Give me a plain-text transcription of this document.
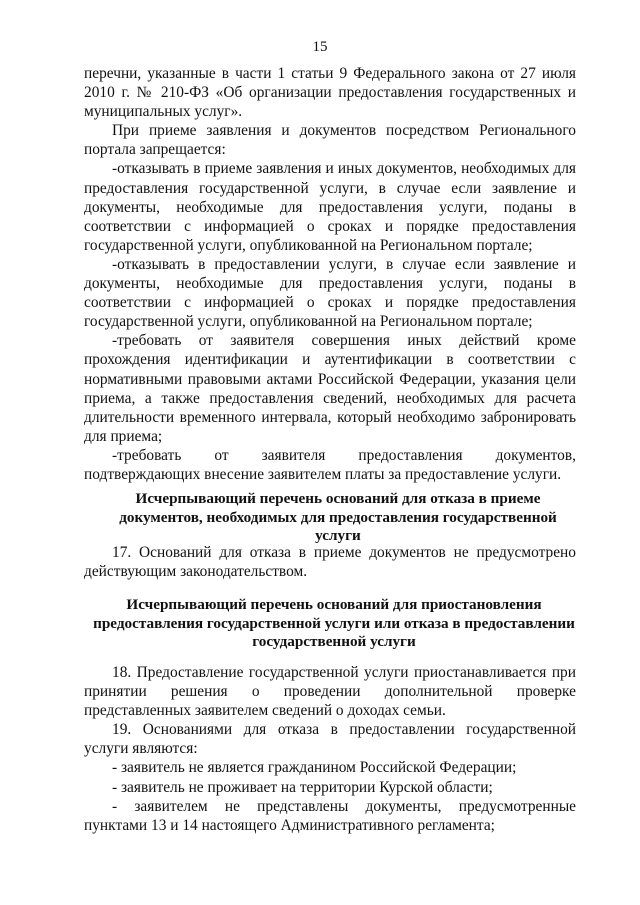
15

перечни, указанные в части 1 статьи 9 Федерального закона от 27 июля 2010 г. № 210-ФЗ «Об организации предоставления государственных и муниципальных услуг».

При приеме заявления и документов посредством Регионального портала запрещается:

-отказывать в приеме заявления и иных документов, необходимых для предоставления государственной услуги, в случае если заявление и документы, необходимые для предоставления услуги, поданы в соответствии с информацией о сроках и порядке предоставления государственной услуги, опубликованной на Региональном портале;

-отказывать в предоставлении услуги, в случае если заявление и документы, необходимые для предоставления услуги, поданы в соответствии с информацией о сроках и порядке предоставления государственной услуги, опубликованной на Региональном портале;

-требовать от заявителя совершения иных действий кроме прохождения идентификации и аутентификации в соответствии с нормативными правовыми актами Российской Федерации, указания цели приема, а также предоставления сведений, необходимых для расчета длительности временного интервала, который необходимо забронировать для приема;

-требовать от заявителя предоставления документов, подтверждающих внесение заявителем платы за предоставление услуги.

Исчерпывающий перечень оснований для отказа в приеме документов, необходимых для предоставления государственной услуги

17. Оснований для отказа в приеме документов не предусмотрено действующим законодательством.

Исчерпывающий перечень оснований для приостановления предоставления государственной услуги или отказа в предоставлении государственной услуги

18. Предоставление государственной услуги приостанавливается при принятии решения о проведении дополнительной проверке представленных заявителем сведений о доходах семьи.

19. Основаниями для отказа в предоставлении государственной услуги являются:

- заявитель не является гражданином Российской Федерации;

- заявитель не проживает на территории Курской области;

- заявителем не представлены документы, предусмотренные пунктами 13 и 14 настоящего Административного регламента;
